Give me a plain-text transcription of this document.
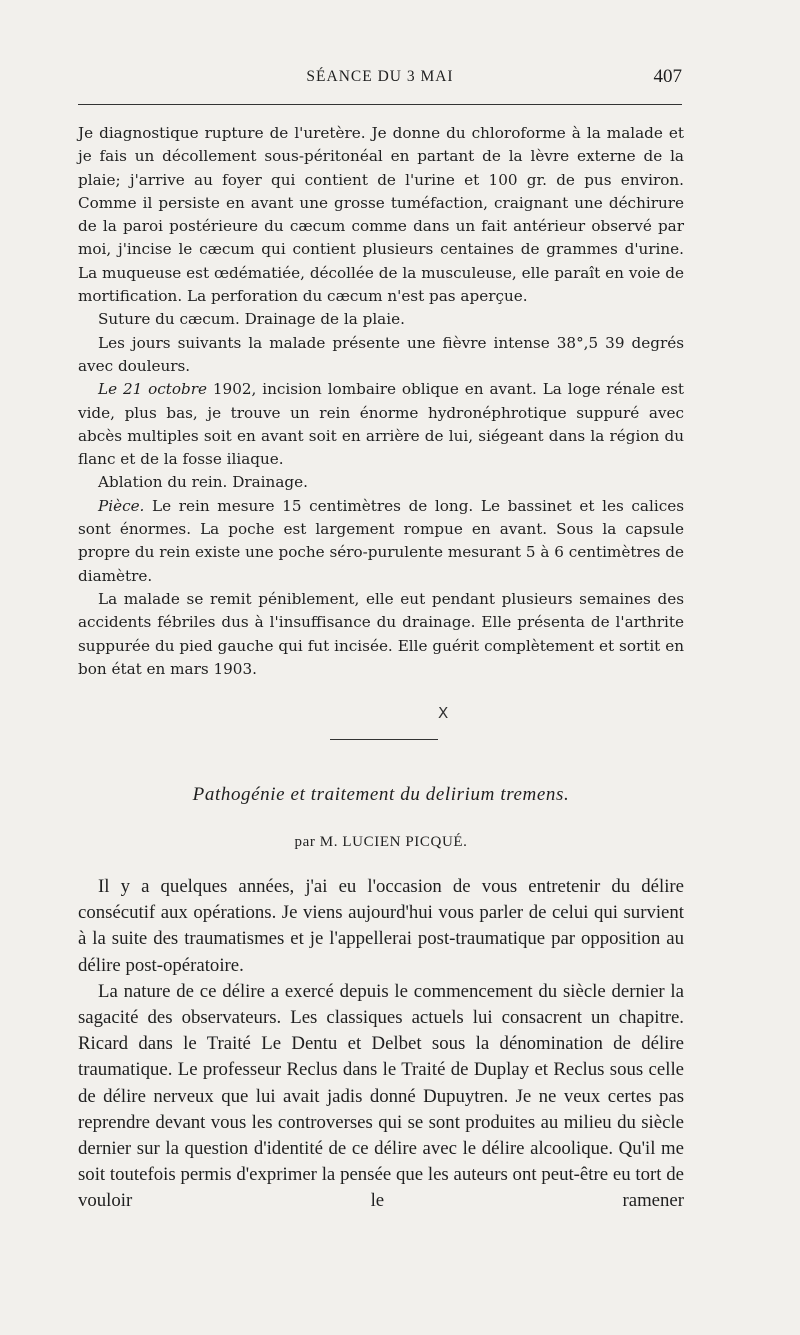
SÉANCE DU 3 MAI	407

Je diagnostique rupture de l'uretère. Je donne du chloroforme à la malade et je fais un décollement sous-péritonéal en partant de la lèvre externe de la plaie; j'arrive au foyer qui contient de l'urine et 100 gr. de pus environ. Comme il persiste en avant une grosse tuméfaction, craignant une déchirure de la paroi postérieure du cæcum comme dans un fait antérieur observé par moi, j'incise le cæcum qui contient plusieurs centaines de grammes d'urine. La muqueuse est œdématiée, décollée de la musculeuse, elle paraît en voie de mortification. La perforation du cæcum n'est pas aperçue.

Suture du cæcum. Drainage de la plaie.

Les jours suivants la malade présente une fièvre intense 38°,5 39 degrés avec douleurs.

Le 21 octobre 1902, incision lombaire oblique en avant. La loge rénale est vide, plus bas, je trouve un rein énorme hydronéphrotique suppuré avec abcès multiples soit en avant soit en arrière de lui, siégeant dans la région du flanc et de la fosse iliaque.

Ablation du rein. Drainage.

Pièce. Le rein mesure 15 centimètres de long. Le bassinet et les calices sont énormes. La poche est largement rompue en avant. Sous la capsule propre du rein existe une poche séro-purulente mesurant 5 à 6 centimètres de diamètre.

La malade se remit péniblement, elle eut pendant plusieurs semaines des accidents fébriles dus à l'insuffisance du drainage. Elle présenta de l'arthrite suppurée du pied gauche qui fut incisée. Elle guérit complètement et sortit en bon état en mars 1903.

X
Pathogénie et traitement du delirium tremens.
par M. LUCIEN PICQUÉ.

Il y a quelques années, j'ai eu l'occasion de vous entretenir du délire consécutif aux opérations. Je viens aujourd'hui vous parler de celui qui survient à la suite des traumatismes et je l'appellerai post-traumatique par opposition au délire post-opératoire.

La nature de ce délire a exercé depuis le commencement du siècle dernier la sagacité des observateurs. Les classiques actuels lui consacrent un chapitre. Ricard dans le Traité Le Dentu et Delbet sous la dénomination de délire traumatique. Le professeur Reclus dans le Traité de Duplay et Reclus sous celle de délire nerveux que lui avait jadis donné Dupuytren. Je ne veux certes pas reprendre devant vous les controverses qui se sont produites au milieu du siècle dernier sur la question d'identité de ce délire avec le délire alcoolique. Qu'il me soit toutefois permis d'exprimer la pensée que les auteurs ont peut-être eu tort de vouloir le ramener
